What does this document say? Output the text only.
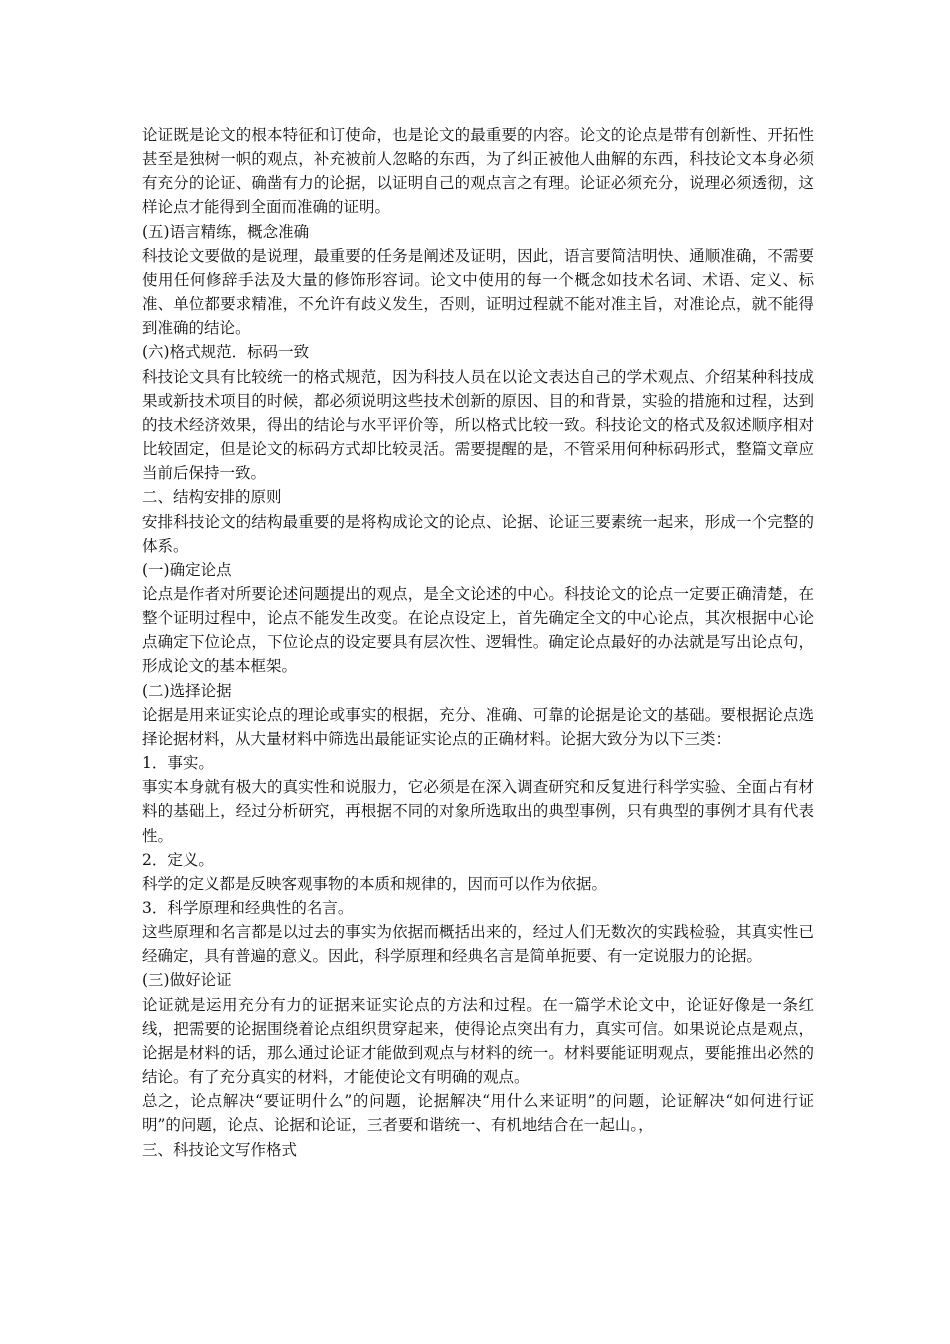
论证既是论文的根本特征和订使命，也是论文的最重要的内容。论文的论点是带有创新性、开拓性甚至是独树一帜的观点，补充被前人忽略的东西，为了纠正被他人曲解的东西，科技论文本身必须有充分的论证、确凿有力的论据，以证明自己的观点言之有理。论证必须充分，说理必须透彻，这样论点才能得到全面而准确的证明。

(五)语言精练，概念准确

科技论文要做的是说理，最重要的任务是阐述及证明，因此，语言要简洁明快、通顺准确，不需要使用任何修辞手法及大量的修饰形容词。论文中使用的每一个概念如技术名词、术语、定义、标准、单位都要求精准，不允许有歧义发生，否则，证明过程就不能对准主旨，对准论点，就不能得到准确的结论。

(六)格式规范．标码一致

科技论文具有比较统一的格式规范，因为科技人员在以论文表达自己的学术观点、介绍某种科技成果或新技术项目的时候，都必须说明这些技术创新的原因、目的和背景，实验的措施和过程，达到的技术经济效果，得出的结论与水平评价等，所以格式比较一致。科技论文的格式及叙述顺序相对比较固定，但是论文的标码方式却比较灵活。需要提醒的是，不管采用何种标码形式，整篇文章应当前后保持一致。

二、结构安排的原则

安排科技论文的结构最重要的是将构成论文的论点、论据、论证三要素统一起来，形成一个完整的体系。

(一)确定论点

论点是作者对所要论述问题提出的观点，是全文论述的中心。科技论文的论点一定要正确清楚，在整个证明过程中，论点不能发生改变。在论点设定上，首先确定全文的中心论点，其次根据中心论点确定下位论点，下位论点的设定要具有层次性、逻辑性。确定论点最好的办法就是写出论点句，形成论文的基本框架。

(二)选择论据

论据是用来证实论点的理论或事实的根据，充分、准确、可靠的论据是论文的基础。要根据论点选择论据材料，从大量材料中筛选出最能证实论点的正确材料。论据大致分为以下三类：

1．事实。

事实本身就有极大的真实性和说服力，它必须是在深入调查研究和反复进行科学实验、全面占有材料的基础上，经过分析研究，再根据不同的对象所选取出的典型事例，只有典型的事例才具有代表性。

2．定义。

科学的定义都是反映客观事物的本质和规律的，因而可以作为依据。

3．科学原理和经典性的名言。

这些原理和名言都是以过去的事实为依据而概括出来的，经过人们无数次的实践检验，其真实性已经确定，具有普遍的意义。因此，科学原理和经典名言是简单扼要、有一定说服力的论据。

(三)做好论证

论证就是运用充分有力的证据来证实论点的方法和过程。在一篇学术论文中，论证好像是一条红线，把需要的论据围绕着论点组织贯穿起来，使得论点突出有力，真实可信。如果说论点是观点，论据是材料的话，那么通过论证才能做到观点与材料的统一。材料要能证明观点，要能推出必然的结论。有了充分真实的材料，才能使论文有明确的观点。

总之，论点解决“要证明什么”的问题，论据解决“用什么来证明”的问题，论证解决“如何进行证明”的问题，论点、论据和论证，三者要和谐统一、有机地结合在一起山。，

三、科技论文写作格式
